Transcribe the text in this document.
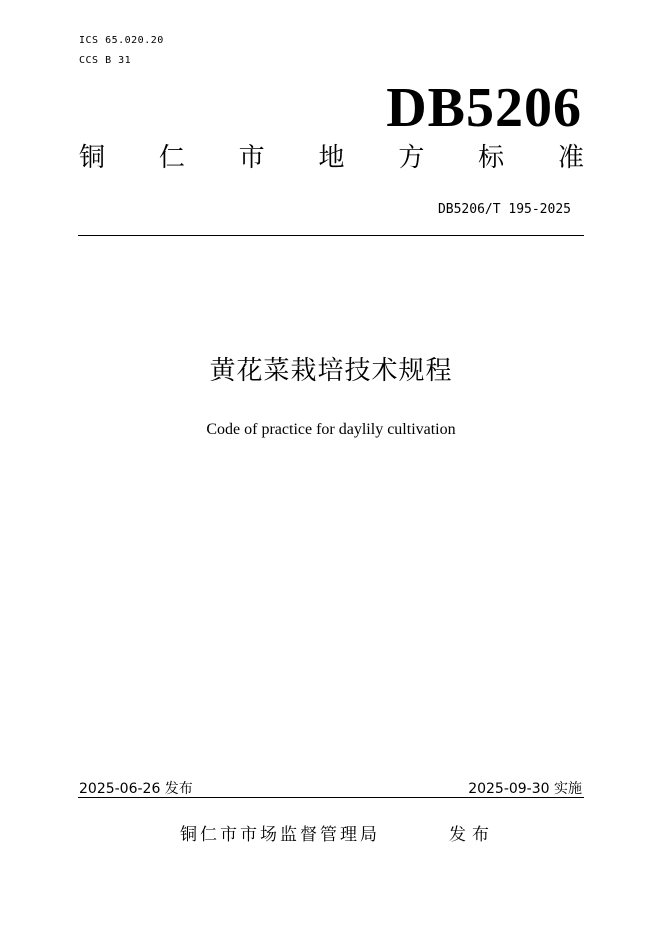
ICS 65.020.20
CCS B 31
DB5206
铜 仁 市 地 方 标 准
DB5206/T 195-2025
黄花菜栽培技术规程
Code of practice for daylily cultivation
2025-06-26 发布	2025-09-30 实施
铜仁市市场监督管理局	发布
